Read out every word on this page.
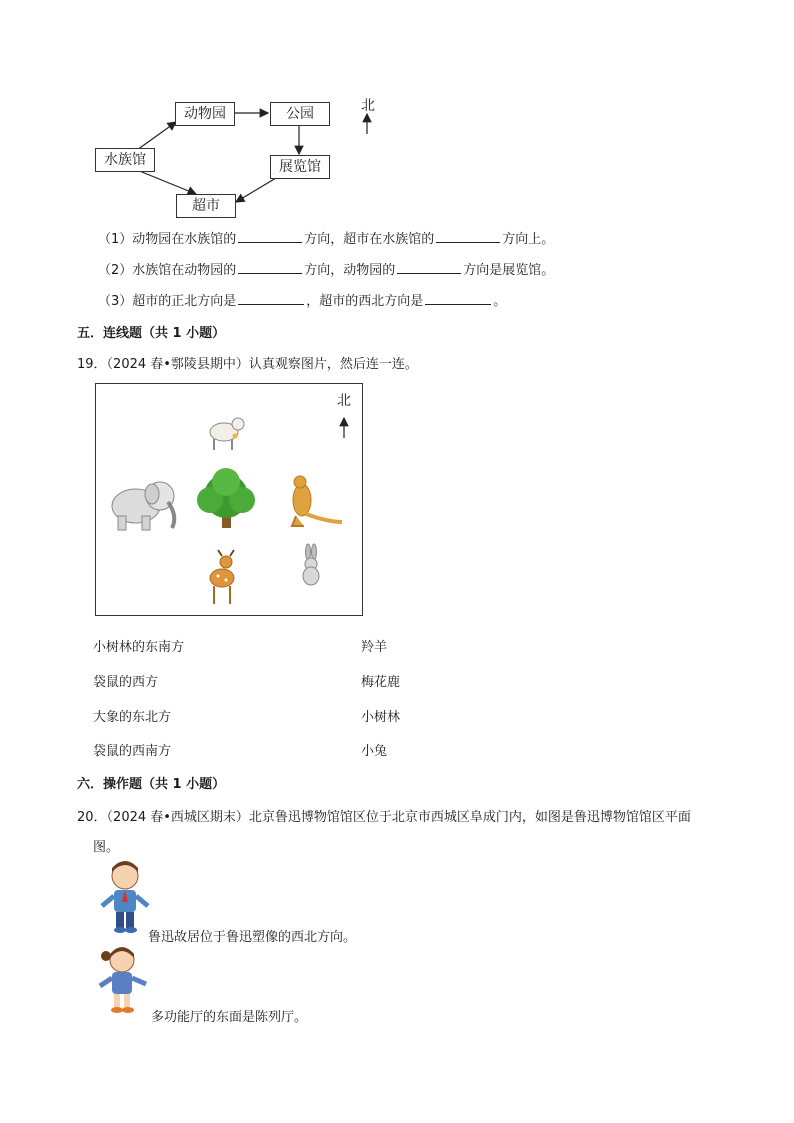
北
动物园	公园
水族馆	展览馆
超市
（1）动物园在水族馆的	方向，超市在水族馆的	方向上。
（2）水族馆在动物园的	方向，动物园的	方向是展览馆。
（3）超市的正北方向是	，超市的西北方向是	。
五．连线题（共 1 小题）
19．（2024 春•鄠陵县期中）认真观察图片，然后连一连。
北
小树林的东南方
袋鼠的西方
大象的东北方
袋鼠的西南方
羚羊
梅花鹿
小树林
小兔
六．操作题（共 1 小题）
20．（2024 春•西城区期末）北京鲁迅博物馆馆区位于北京市西城区阜成门内，如图是鲁迅博物馆馆区平面
图。
鲁迅故居位于鲁迅塑像的西北方向。
多功能厅的东面是陈列厅。
